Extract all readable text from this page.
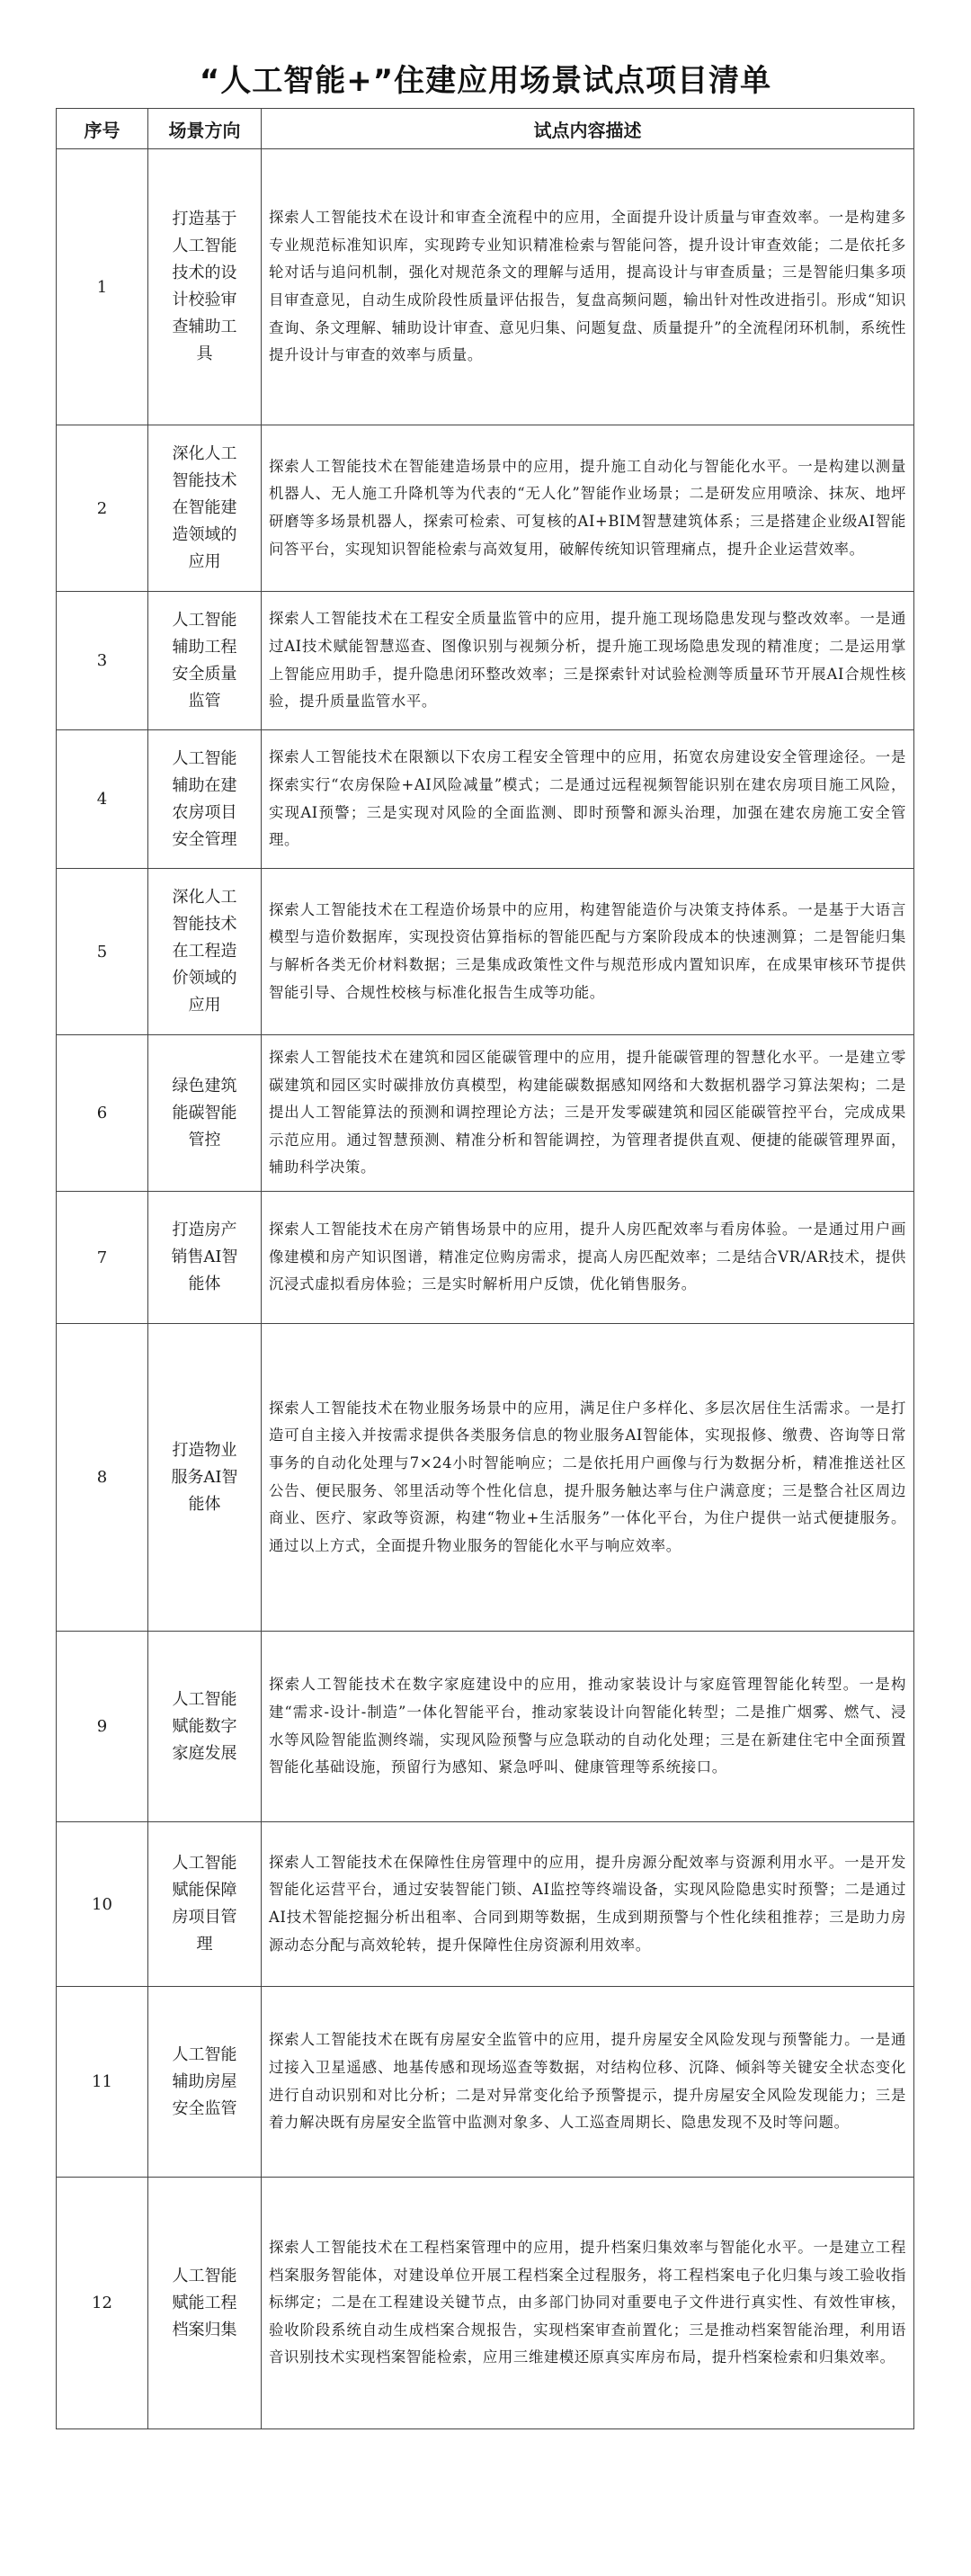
“人工智能+”住建应用场景试点项目清单
序号	场景方向	试点内容描述
1	打造基于人工智能技术的设计校验审查辅助工具	探索人工智能技术在设计和审查全流程中的应用，全面提升设计质量与审查效率。一是构建多专业规范标准知识库，实现跨专业知识精准检索与智能问答，提升设计审查效能；二是依托多轮对话与追问机制，强化对规范条文的理解与适用，提高设计与审查质量；三是智能归集多项目审查意见，自动生成阶段性质量评估报告，复盘高频问题，输出针对性改进指引。形成“知识查询、条文理解、辅助设计审查、意见归集、问题复盘、质量提升”的全流程闭环机制，系统性提升设计与审查的效率与质量。
2	深化人工智能技术在智能建造领域的应用	探索人工智能技术在智能建造场景中的应用，提升施工自动化与智能化水平。一是构建以测量机器人、无人施工升降机等为代表的“无人化”智能作业场景；二是研发应用喷涂、抹灰、地坪研磨等多场景机器人，探索可检索、可复核的AI+BIM智慧建筑体系；三是搭建企业级AI智能问答平台，实现知识智能检索与高效复用，破解传统知识管理痛点，提升企业运营效率。
3	人工智能辅助工程安全质量监管	探索人工智能技术在工程安全质量监管中的应用，提升施工现场隐患发现与整改效率。一是通过AI技术赋能智慧巡查、图像识别与视频分析，提升施工现场隐患发现的精准度；二是运用掌上智能应用助手，提升隐患闭环整改效率；三是探索针对试验检测等质量环节开展AI合规性核验，提升质量监管水平。
4	人工智能辅助在建农房项目安全管理	探索人工智能技术在限额以下农房工程安全管理中的应用，拓宽农房建设安全管理途径。一是探索实行“农房保险+AI风险减量”模式；二是通过远程视频智能识别在建农房项目施工风险，实现AI预警；三是实现对风险的全面监测、即时预警和源头治理，加强在建农房施工安全管理。
5	深化人工智能技术在工程造价领域的应用	探索人工智能技术在工程造价场景中的应用，构建智能造价与决策支持体系。一是基于大语言模型与造价数据库，实现投资估算指标的智能匹配与方案阶段成本的快速测算；二是智能归集与解析各类无价材料数据；三是集成政策性文件与规范形成内置知识库，在成果审核环节提供智能引导、合规性校核与标准化报告生成等功能。
6	绿色建筑能碳智能管控	探索人工智能技术在建筑和园区能碳管理中的应用，提升能碳管理的智慧化水平。一是建立零碳建筑和园区实时碳排放仿真模型，构建能碳数据感知网络和大数据机器学习算法架构；二是提出人工智能算法的预测和调控理论方法；三是开发零碳建筑和园区能碳管控平台，完成成果示范应用。通过智慧预测、精准分析和智能调控，为管理者提供直观、便捷的能碳管理界面，辅助科学决策。
7	打造房产销售AI智能体	探索人工智能技术在房产销售场景中的应用，提升人房匹配效率与看房体验。一是通过用户画像建模和房产知识图谱，精准定位购房需求，提高人房匹配效率；二是结合VR/AR技术，提供沉浸式虚拟看房体验；三是实时解析用户反馈，优化销售服务。
8	打造物业服务AI智能体	探索人工智能技术在物业服务场景中的应用，满足住户多样化、多层次居住生活需求。一是打造可自主接入并按需求提供各类服务信息的物业服务AI智能体，实现报修、缴费、咨询等日常事务的自动化处理与7×24小时智能响应；二是依托用户画像与行为数据分析，精准推送社区公告、便民服务、邻里活动等个性化信息，提升服务触达率与住户满意度；三是整合社区周边商业、医疗、家政等资源，构建“物业+生活服务”一体化平台，为住户提供一站式便捷服务。通过以上方式，全面提升物业服务的智能化水平与响应效率。
9	人工智能赋能数字家庭发展	探索人工智能技术在数字家庭建设中的应用，推动家装设计与家庭管理智能化转型。一是构建“需求-设计-制造”一体化智能平台，推动家装设计向智能化转型；二是推广烟雾、燃气、浸水等风险智能监测终端，实现风险预警与应急联动的自动化处理；三是在新建住宅中全面预置智能化基础设施，预留行为感知、紧急呼叫、健康管理等系统接口。
10	人工智能赋能保障房项目管理	探索人工智能技术在保障性住房管理中的应用，提升房源分配效率与资源利用水平。一是开发智能化运营平台，通过安装智能门锁、AI监控等终端设备，实现风险隐患实时预警；二是通过AI技术智能挖掘分析出租率、合同到期等数据，生成到期预警与个性化续租推荐；三是助力房源动态分配与高效轮转，提升保障性住房资源利用效率。
11	人工智能辅助房屋安全监管	探索人工智能技术在既有房屋安全监管中的应用，提升房屋安全风险发现与预警能力。一是通过接入卫星遥感、地基传感和现场巡查等数据，对结构位移、沉降、倾斜等关键安全状态变化进行自动识别和对比分析；二是对异常变化给予预警提示，提升房屋安全风险发现能力；三是着力解决既有房屋安全监管中监测对象多、人工巡查周期长、隐患发现不及时等问题。
12	人工智能赋能工程档案归集	探索人工智能技术在工程档案管理中的应用，提升档案归集效率与智能化水平。一是建立工程档案服务智能体，对建设单位开展工程档案全过程服务，将工程档案电子化归集与竣工验收指标绑定；二是在工程建设关键节点，由多部门协同对重要电子文件进行真实性、有效性审核，验收阶段系统自动生成档案合规报告，实现档案审查前置化；三是推动档案智能治理，利用语音识别技术实现档案智能检索，应用三维建模还原真实库房布局，提升档案检索和归集效率。
